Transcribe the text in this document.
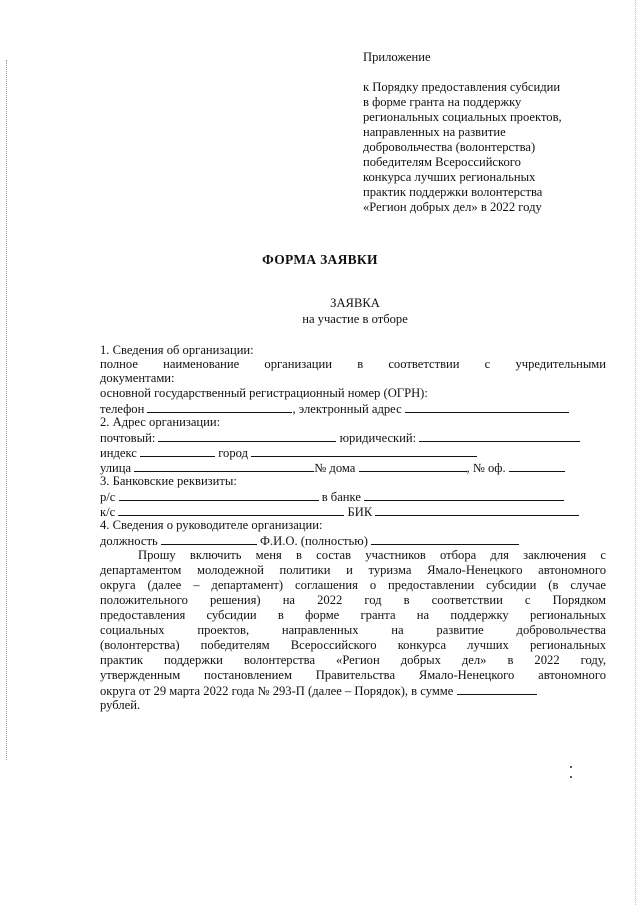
Приложение
к Порядку предоставления субсидии
в форме гранта на поддержку
региональных социальных проектов,
направленных на развитие
добровольчества (волонтерства)
победителям Всероссийского
конкурса лучших региональных
практик поддержки волонтерства
«Регион добрых дел» в 2022 году
ФОРМА ЗАЯВКИ
ЗАЯВКА
на участие в отборе
1. Сведения об организации:
полное наименование организации в соответствии с учредительными
документами:
основной государственный регистрационный номер (ОГРН):
телефон	, электронный адрес
2. Адрес организации:
почтовый:	юридический:
индекс	город
улица	№ дома	, № оф.
3. Банковские реквизиты:
р/с	в банке
к/с	БИК
4. Сведения о руководителе организации:
должность	Ф.И.О. (полностью)
Прошу включить меня в состав участников отбора для заключения с
департаментом молодежной политики и туризма Ямало-Ненецкого автономного
округа (далее – департамент) соглашения о предоставлении субсидии (в случае
положительного решения) на 2022 год в соответствии с Порядком
предоставления субсидии в форме гранта на поддержку региональных
социальных проектов, направленных на развитие добровольчества
(волонтерства) победителям Всероссийского конкурса лучших региональных
практик поддержки волонтерства «Регион добрых дел» в 2022 году,
утвержденным постановлением Правительства Ямало-Ненецкого автономного
округа от 29 марта 2022 года № 293-П (далее – Порядок), в сумме
рублей.
